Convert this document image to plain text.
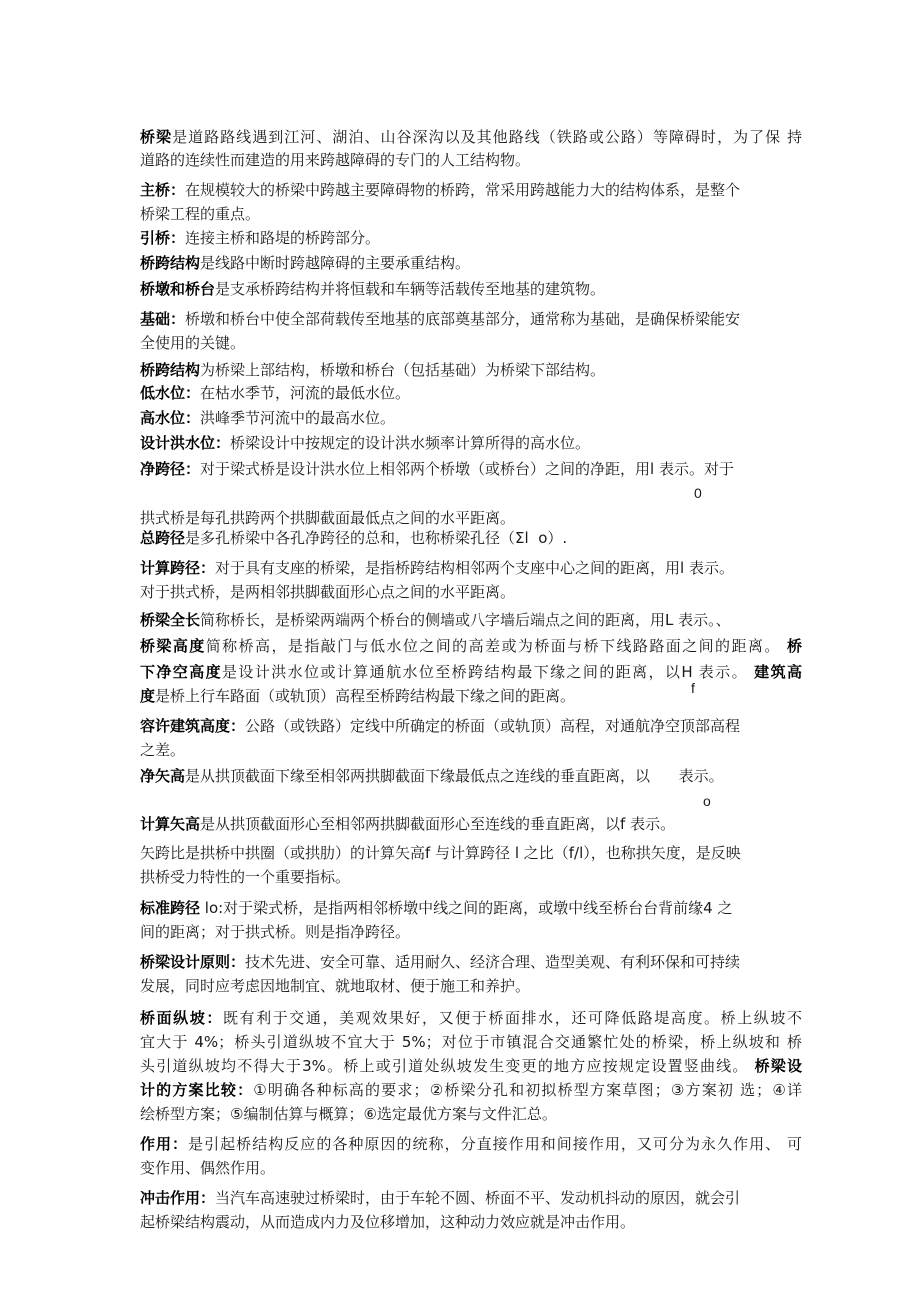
桥梁是道路路线遇到江河、湖泊、山谷深沟以及其他路线（铁路或公路）等障碍时，为了保 持
道路的连续性而建造的用来跨越障碍的专门的人工结构物。
主桥：在规模较大的桥梁中跨越主要障碍物的桥跨，常采用跨越能力大的结构体系，是整个
桥梁工程的重点。
引桥：连接主桥和路堤的桥跨部分。
桥跨结构是线路中断时跨越障碍的主要承重结构。
桥墩和桥台是支承桥跨结构并将恒载和车辆等活载传至地基的建筑物。
基础：桥墩和桥台中使全部荷载传至地基的底部奠基部分，通常称为基础，是确保桥梁能安
全使用的关键。
桥跨结构为桥梁上部结构，桥墩和桥台（包括基础）为桥梁下部结构。
低水位：在枯水季节，河流的最低水位。
高水位：洪峰季节河流中的最高水位。
设计洪水位：桥梁设计中按规定的设计洪水频率计算所得的高水位。
净跨径：对于梁式桥是设计洪水位上相邻两个桥墩（或桥台）之间的净距，用l 表示。对于
拱式桥是每孔拱跨两个拱脚截面最低点之间的水平距离。
总跨径是多孔桥梁中各孔净跨径的总和，也称桥梁孔径（Σl  o）.
计算跨径：对于具有支座的桥梁，是指桥跨结构相邻两个支座中心之间的距离，用l 表示。
对于拱式桥，是两相邻拱脚截面形心点之间的水平距离。
桥梁全长简称桥长，是桥梁两端两个桥台的侧墙或八字墙后端点之间的距离，用L 表示。、
桥梁高度简称桥高，是指敲门与低水位之间的高差或为桥面与桥下线路路面之间的距离。 桥
下净空高度是设计洪水位或计算通航水位至桥跨结构最下缘之间的距离，以H 表示。 建筑高
度是桥上行车路面（或轨顶）高程至桥跨结构最下缘之间的距离。
容许建筑高度：公路（或铁路）定线中所确定的桥面（或轨顶）高程，对通航净空顶部高程
之差。
净矢高是从拱顶截面下缘至相邻两拱脚截面下缘最低点之连线的垂直距离，以      表示。
计算矢高是从拱顶截面形心至相邻两拱脚截面形心至连线的垂直距离，以f 表示。
矢跨比是拱桥中拱圈（或拱肋）的计算矢高f 与计算跨径 l 之比（f/l），也称拱矢度，是反映
拱桥受力特性的一个重要指标。
标准跨径 lo:对于梁式桥，是指两相邻桥墩中线之间的距离，或墩中线至桥台台背前缘4 之
间的距离；对于拱式桥。则是指净跨径。
桥梁设计原则：技术先进、安全可靠、适用耐久、经济合理、造型美观、有利环保和可持续
发展，同时应考虑因地制宜、就地取材、便于施工和养护。
桥面纵坡：既有利于交通，美观效果好，又便于桥面排水，还可降低路堤高度。桥上纵坡不
宜大于 4%；桥头引道纵坡不宜大于 5%；对位于市镇混合交通繁忙处的桥梁，桥上纵坡和 桥
头引道纵坡均不得大于3%。桥上或引道处纵坡发生变更的地方应按规定设置竖曲线。 桥梁设
计的方案比较：①明确各种标高的要求；②桥梁分孔和初拟桥型方案草图；③方案初 选；④详
绘桥型方案；⑤编制估算与概算；⑥选定最优方案与文件汇总。
作用：是引起桥结构反应的各种原因的统称，分直接作用和间接作用，又可分为永久作用、 可
变作用、偶然作用。
冲击作用：当汽车高速驶过桥梁时，由于车轮不圆、桥面不平、发动机抖动的原因，就会引
起桥梁结构震动，从而造成内力及位移增加，这种动力效应就是冲击作用。
0
f
o
